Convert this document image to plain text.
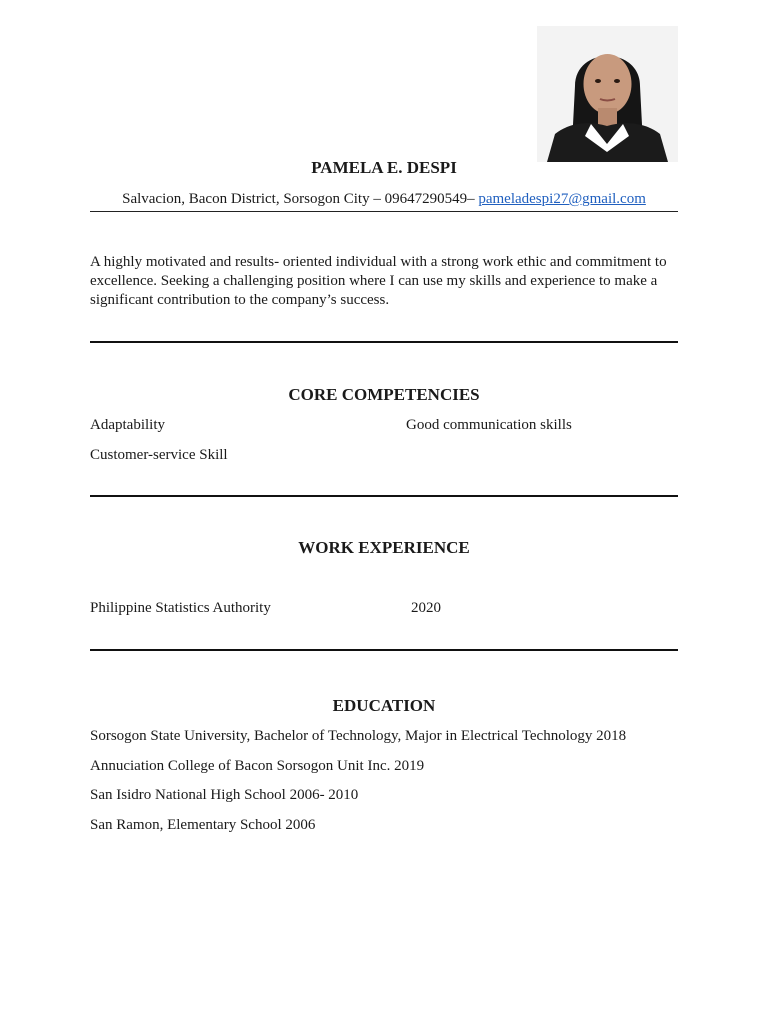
PAMELA E. DESPI
Salvacion, Bacon District, Sorsogon City – 09647290549– pameladespi27@gmail.com
A highly motivated and results- oriented individual with a strong work ethic and commitment to excellence. Seeking a challenging position where I can use my skills and experience to make a significant contribution to the company’s success.
CORE COMPETENCIES
Adaptability	Good communication skills
Customer-service Skill
WORK EXPERIENCE
Philippine Statistics Authority	2020
EDUCATION
Sorsogon State University, Bachelor of Technology, Major in Electrical Technology 2018
Annuciation College of Bacon Sorsogon Unit Inc. 2019
San Isidro National High School 2006- 2010
San Ramon, Elementary School 2006
